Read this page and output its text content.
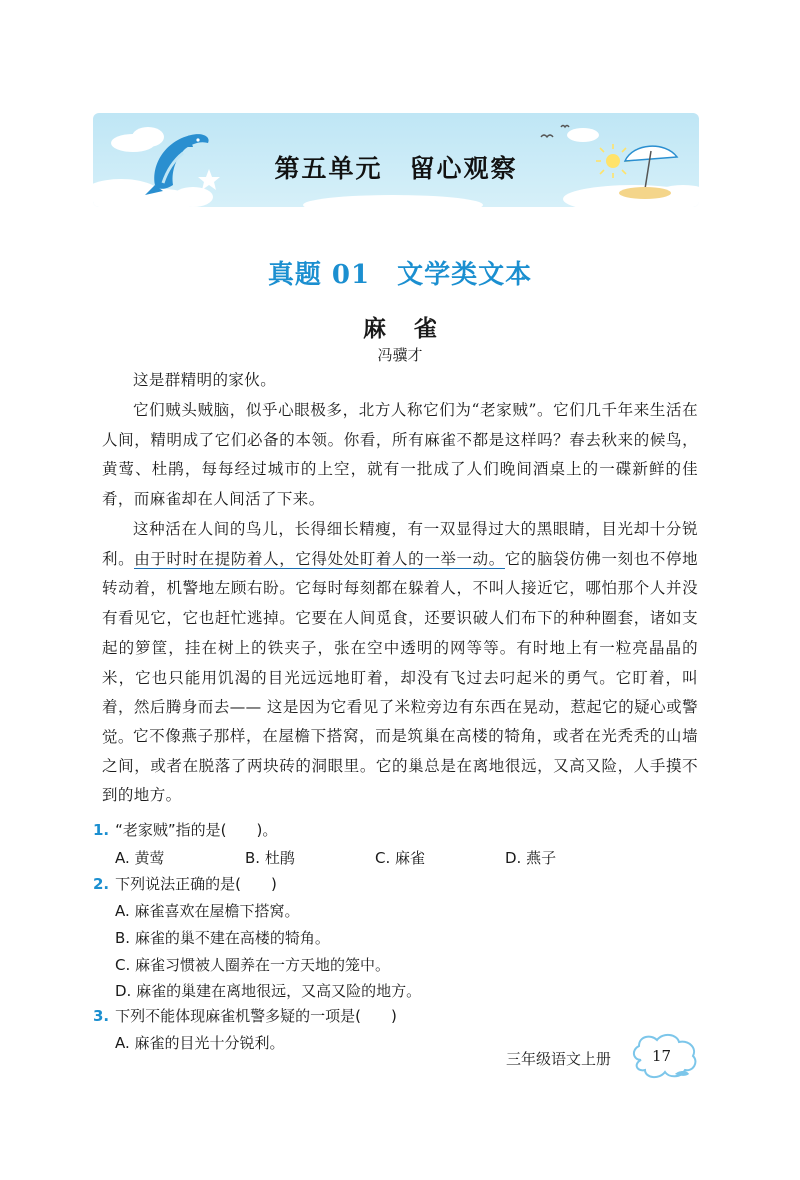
第五单元　留心观察
真题 01　文学类文本
麻雀
冯骥才
这是群精明的家伙。
它们贼头贼脑，似乎心眼极多，北方人称它们为“老家贼”。它们几千年来生活在人间，精明成了它们必备的本领。你看，所有麻雀不都是这样吗？春去秋来的候鸟，黄莺、杜鹃，每每经过城市的上空，就有一批成了人们晚间酒桌上的一碟新鲜的佳肴，而麻雀却在人间活了下来。
这种活在人间的鸟儿，长得细长精瘦，有一双显得过大的黑眼睛，目光却十分锐利。由于时时在提防着人，它得处处盯着人的一举一动。它的脑袋仿佛一刻也不停地转动着，机警地左顾右盼。它每时每刻都在躲着人，不叫人接近它，哪怕那个人并没有看见它，它也赶忙逃掉。它要在人间觅食，还要识破人们布下的种种圈套，诸如支起的箩筐，挂在树上的铁夹子，张在空中透明的网等等。有时地上有一粒亮晶晶的米，它也只能用饥渴的目光远远地盯着，却没有飞过去叼起米的勇气。它盯着，叫着，然后腾身而去—— 这是因为它看见了米粒旁边有东西在晃动，惹起它的疑心或警觉。 它不像燕子那样，在屋檐下搭窝，而是筑巢在高楼的犄角，或者在光秃秃的山墙之间，或者在脱落了两块砖的洞眼里。它的巢总是在离地很远，又高又险，人手摸不到的地方。
1. “老家贼”指的是(　　)。
A. 黄莺	B. 杜鹃	C. 麻雀	D. 燕子
2. 下列说法正确的是(　　)
A. 麻雀喜欢在屋檐下搭窝。
B. 麻雀的巢不建在高楼的犄角。
C. 麻雀习惯被人圈养在一方天地的笼中。
D. 麻雀的巢建在离地很远，又高又险的地方。
3. 下列不能体现麻雀机警多疑的一项是(　　)
A. 麻雀的目光十分锐利。
三年级语文上册	17
